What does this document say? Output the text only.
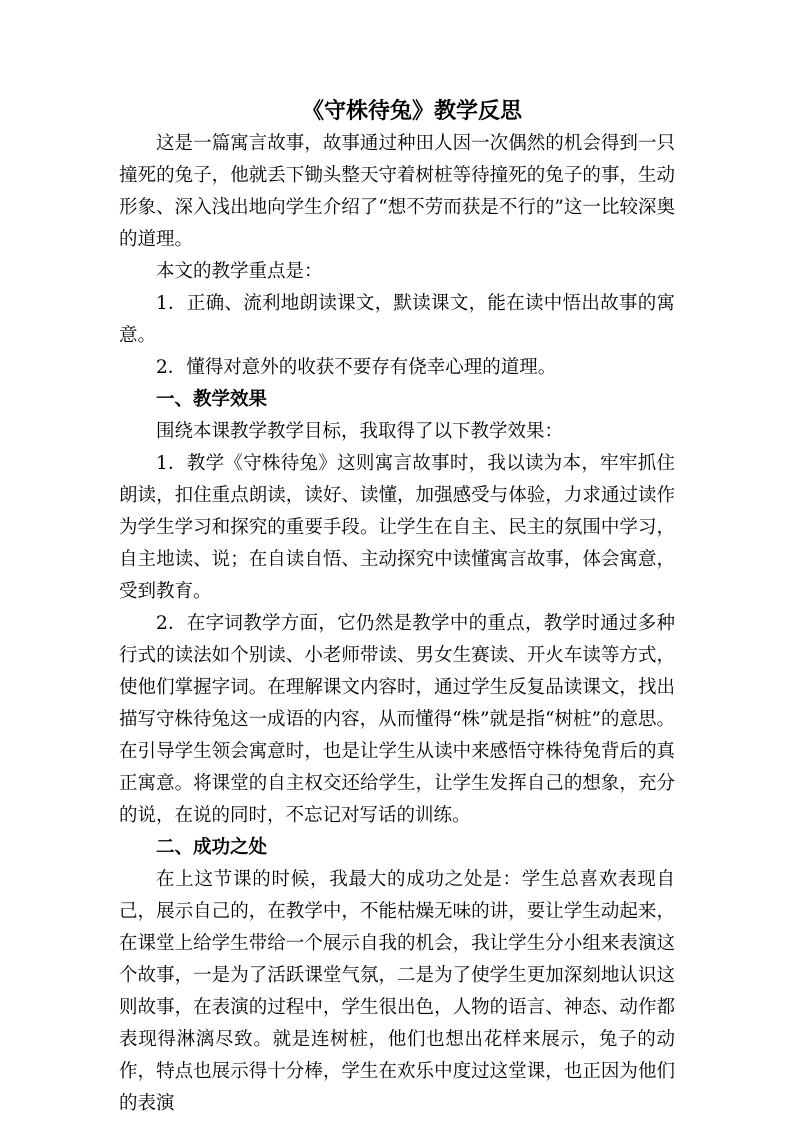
《守株待兔》教学反思

这是一篇寓言故事，故事通过种田人因一次偶然的机会得到一只撞死的兔子，他就丢下锄头整天守着树桩等待撞死的兔子的事，生动形象、深入浅出地向学生介绍了“想不劳而获是不行的”这一比较深奥的道理。

本文的教学重点是：

1．正确、流利地朗读课文，默读课文，能在读中悟出故事的寓意。

2．懂得对意外的收获不要存有侥幸心理的道理。

一、教学效果

围绕本课教学教学目标，我取得了以下教学效果：

1．教学《守株待兔》这则寓言故事时，我以读为本，牢牢抓住朗读，扣住重点朗读，读好、读懂，加强感受与体验，力求通过读作为学生学习和探究的重要手段。让学生在自主、民主的氛围中学习，自主地读、说；在自读自悟、主动探究中读懂寓言故事，体会寓意，受到教育。

2．在字词教学方面，它仍然是教学中的重点，教学时通过多种行式的读法如个别读、小老师带读、男女生赛读、开火车读等方式，使他们掌握字词。在理解课文内容时，通过学生反复品读课文，找出描写守株待兔这一成语的内容，从而懂得“株”就是指“树桩”的意思。在引导学生领会寓意时，也是让学生从读中来感悟守株待兔背后的真正寓意。将课堂的自主权交还给学生，让学生发挥自己的想象，充分的说，在说的同时，不忘记对写话的训练。

二、成功之处

在上这节课的时候，我最大的成功之处是：学生总喜欢表现自己，展示自己的，在教学中，不能枯燥无味的讲，要让学生动起来，在课堂上给学生带给一个展示自我的机会，我让学生分小组来表演这个故事，一是为了活跃课堂气氛，二是为了使学生更加深刻地认识这则故事，在表演的过程中，学生很出色，人物的语言、神态、动作都表现得淋漓尽致。就是连树桩，他们也想出花样来展示，兔子的动作，特点也展示得十分棒，学生在欢乐中度过这堂课，也正因为他们的表演
